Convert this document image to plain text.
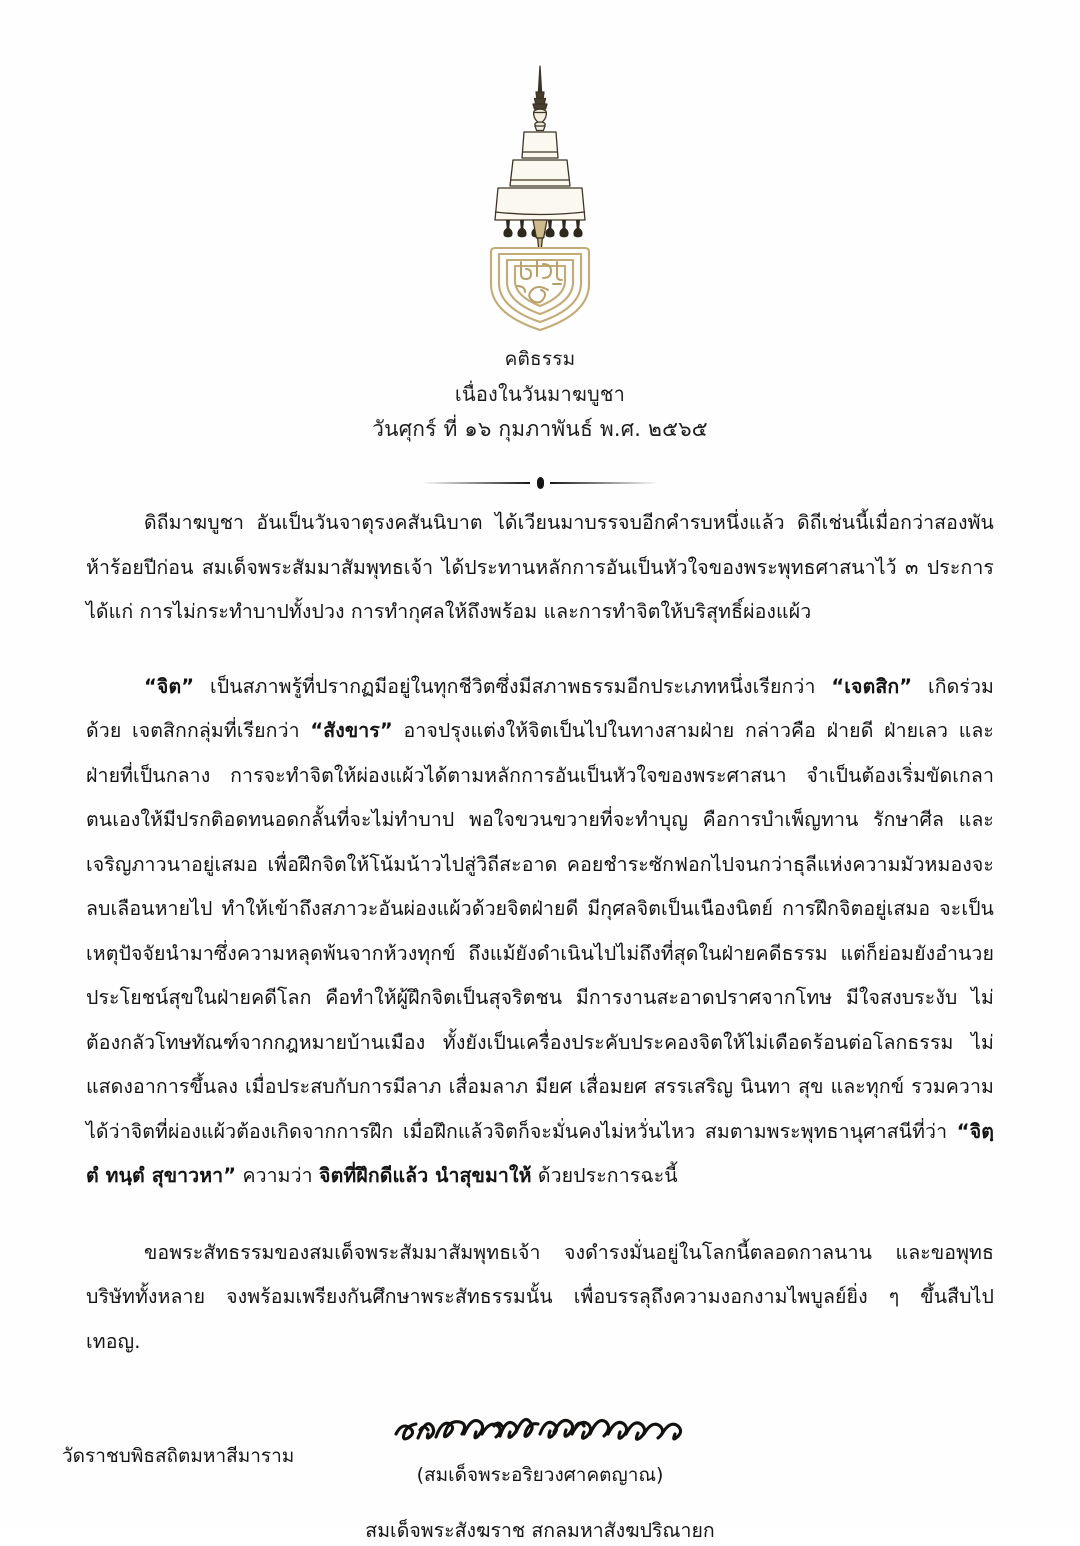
คติธรรม
เนื่องในวันมาฆบูชา
วันศุกร์ ที่ ๑๖ กุมภาพันธ์ พ.ศ. ๒๕๖๕

ดิถีมาฆบูชา อันเป็นวันจาตุรงคสันนิบาต ได้เวียนมาบรรจบอีกคำรบหนึ่งแล้ว ดิถีเช่นนี้เมื่อกว่าสองพันห้าร้อยปีก่อน สมเด็จพระสัมมาสัมพุทธเจ้า ได้ประทานหลักการอันเป็นหัวใจของพระพุทธศาสนาไว้ ๓ ประการ ได้แก่ การไม่กระทำบาปทั้งปวง การทำกุศลให้ถึงพร้อม และการทำจิตให้บริสุทธิ์ผ่องแผ้ว

“จิต” เป็นสภาพรู้ที่ปรากฏมีอยู่ในทุกชีวิตซึ่งมีสภาพธรรมอีกประเภทหนึ่งเรียกว่า “เจตสิก” เกิดร่วมด้วย เจตสิกกลุ่มที่เรียกว่า “สังขาร” อาจปรุงแต่งให้จิตเป็นไปในทางสามฝ่าย กล่าวคือ ฝ่ายดี ฝ่ายเลว และฝ่ายที่เป็นกลาง การจะทำจิตให้ผ่องแผ้วได้ตามหลักการอันเป็นหัวใจของพระศาสนา จำเป็นต้องเริ่มขัดเกลาตนเองให้มีปรกติอดทนอดกลั้นที่จะไม่ทำบาป พอใจขวนขวายที่จะทำบุญ คือการบำเพ็ญทาน รักษาศีล และเจริญภาวนาอยู่เสมอ เพื่อฝึกจิตให้โน้มน้าวไปสู่วิถีสะอาด คอยชำระซักฟอกไปจนกว่าธุลีแห่งความมัวหมองจะลบเลือนหายไป ทำให้เข้าถึงสภาวะอันผ่องแผ้วด้วยจิตฝ่ายดี มีกุศลจิตเป็นเนืองนิตย์ การฝึกจิตอยู่เสมอ จะเป็นเหตุปัจจัยนำมาซึ่งความหลุดพ้นจากห้วงทุกข์ ถึงแม้ยังดำเนินไปไม่ถึงที่สุดในฝ่ายคดีธรรม แต่ก็ย่อมยังอำนวยประโยชน์สุขในฝ่ายคดีโลก คือทำให้ผู้ฝึกจิตเป็นสุจริตชน มีการงานสะอาดปราศจากโทษ มีใจสงบระงับ ไม่ต้องกลัวโทษทัณฑ์จากกฎหมายบ้านเมือง ทั้งยังเป็นเครื่องประคับประคองจิตให้ไม่เดือดร้อนต่อโลกธรรม ไม่แสดงอาการขึ้นลง เมื่อประสบกับการมีลาภ เสื่อมลาภ มียศ เสื่อมยศ สรรเสริญ นินทา สุข และทุกข์ รวมความได้ว่าจิตที่ผ่องแผ้วต้องเกิดจากการฝึก เมื่อฝึกแล้วจิตก็จะมั่นคงไม่หวั่นไหว สมตามพระพุทธานุศาสนีที่ว่า “จิตฺตํ ทนฺตํ สุขาวหา” ความว่า จิตที่ฝึกดีแล้ว นำสุขมาให้ ด้วยประการฉะนี้

ขอพระสัทธรรมของสมเด็จพระสัมมาสัมพุทธเจ้า จงดำรงมั่นอยู่ในโลกนี้ตลอดกาลนาน และขอพุทธบริษัททั้งหลาย จงพร้อมเพรียงกันศึกษาพระสัทธรรมนั้น เพื่อบรรลุถึงความงอกงามไพบูลย์ยิ่ง ๆ ขึ้นสืบไป เทอญ.

(สมเด็จพระอริยวงศาคตญาณ)
สมเด็จพระสังฆราช สกลมหาสังฆปริณายก
วัดราชบพิธสถิตมหาสีมาราม
